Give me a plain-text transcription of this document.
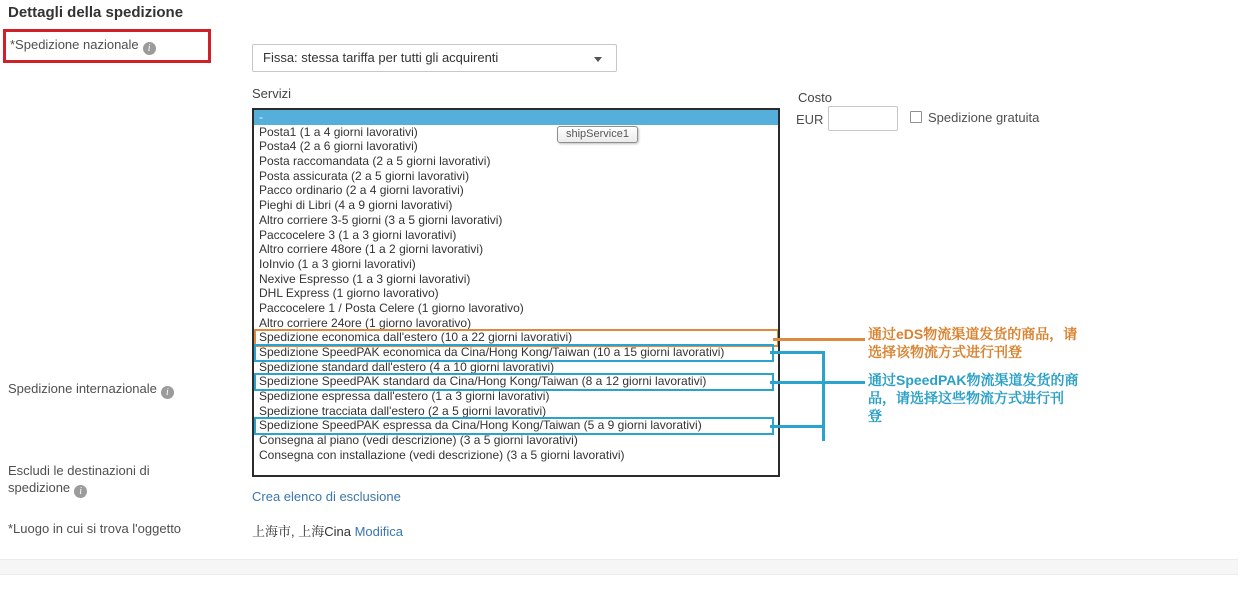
Dettagli della spedizione
*Spedizione nazionale i
Fissa: stessa tariffa per tutti gli acquirenti
Servizi
-
Posta1 (1 a 4 giorni lavorativi)
Posta4 (2 a 6 giorni lavorativi)
Posta raccomandata (2 a 5 giorni lavorativi)
Posta assicurata (2 a 5 giorni lavorativi)
Pacco ordinario (2 a 4 giorni lavorativi)
Pieghi di Libri (4 a 9 giorni lavorativi)
Altro corriere 3-5 giorni (3 a 5 giorni lavorativi)
Paccocelere 3 (1 a 3 giorni lavorativi)
Altro corriere 48ore (1 a 2 giorni lavorativi)
IoInvio (1 a 3 giorni lavorativi)
Nexive Espresso (1 a 3 giorni lavorativi)
DHL Express (1 giorno lavorativo)
Paccocelere 1 / Posta Celere (1 giorno lavorativo)
Altro corriere 24ore (1 giorno lavorativo)
Spedizione economica dall'estero (10 a 22 giorni lavorativi)
Spedizione SpeedPAK economica da Cina/Hong Kong/Taiwan (10 a 15 giorni lavorativi)
Spedizione standard dall'estero (4 a 10 giorni lavorativi)
Spedizione SpeedPAK standard da Cina/Hong Kong/Taiwan (8 a 12 giorni lavorativi)
Spedizione espressa dall'estero (1 a 3 giorni lavorativi)
Spedizione tracciata dall'estero (2 a 5 giorni lavorativi)
Spedizione SpeedPAK espressa da Cina/Hong Kong/Taiwan (5 a 9 giorni lavorativi)
Consegna al piano (vedi descrizione) (3 a 5 giorni lavorativi)
Consegna con installazione (vedi descrizione) (3 a 5 giorni lavorativi)
shipService1
Costo
EUR	Spedizione gratuita
Spedizione internazionale i
Escludi le destinazioni di spedizione i	Crea elenco di esclusione
*Luogo in cui si trova l'oggetto	上海市, 上海Cina Modifica
通过eDS物流渠道发货的商品，请
选择该物流方式进行刊登
通过SpeedPAK物流渠道发货的商
品，请选择这些物流方式进行刊
登
